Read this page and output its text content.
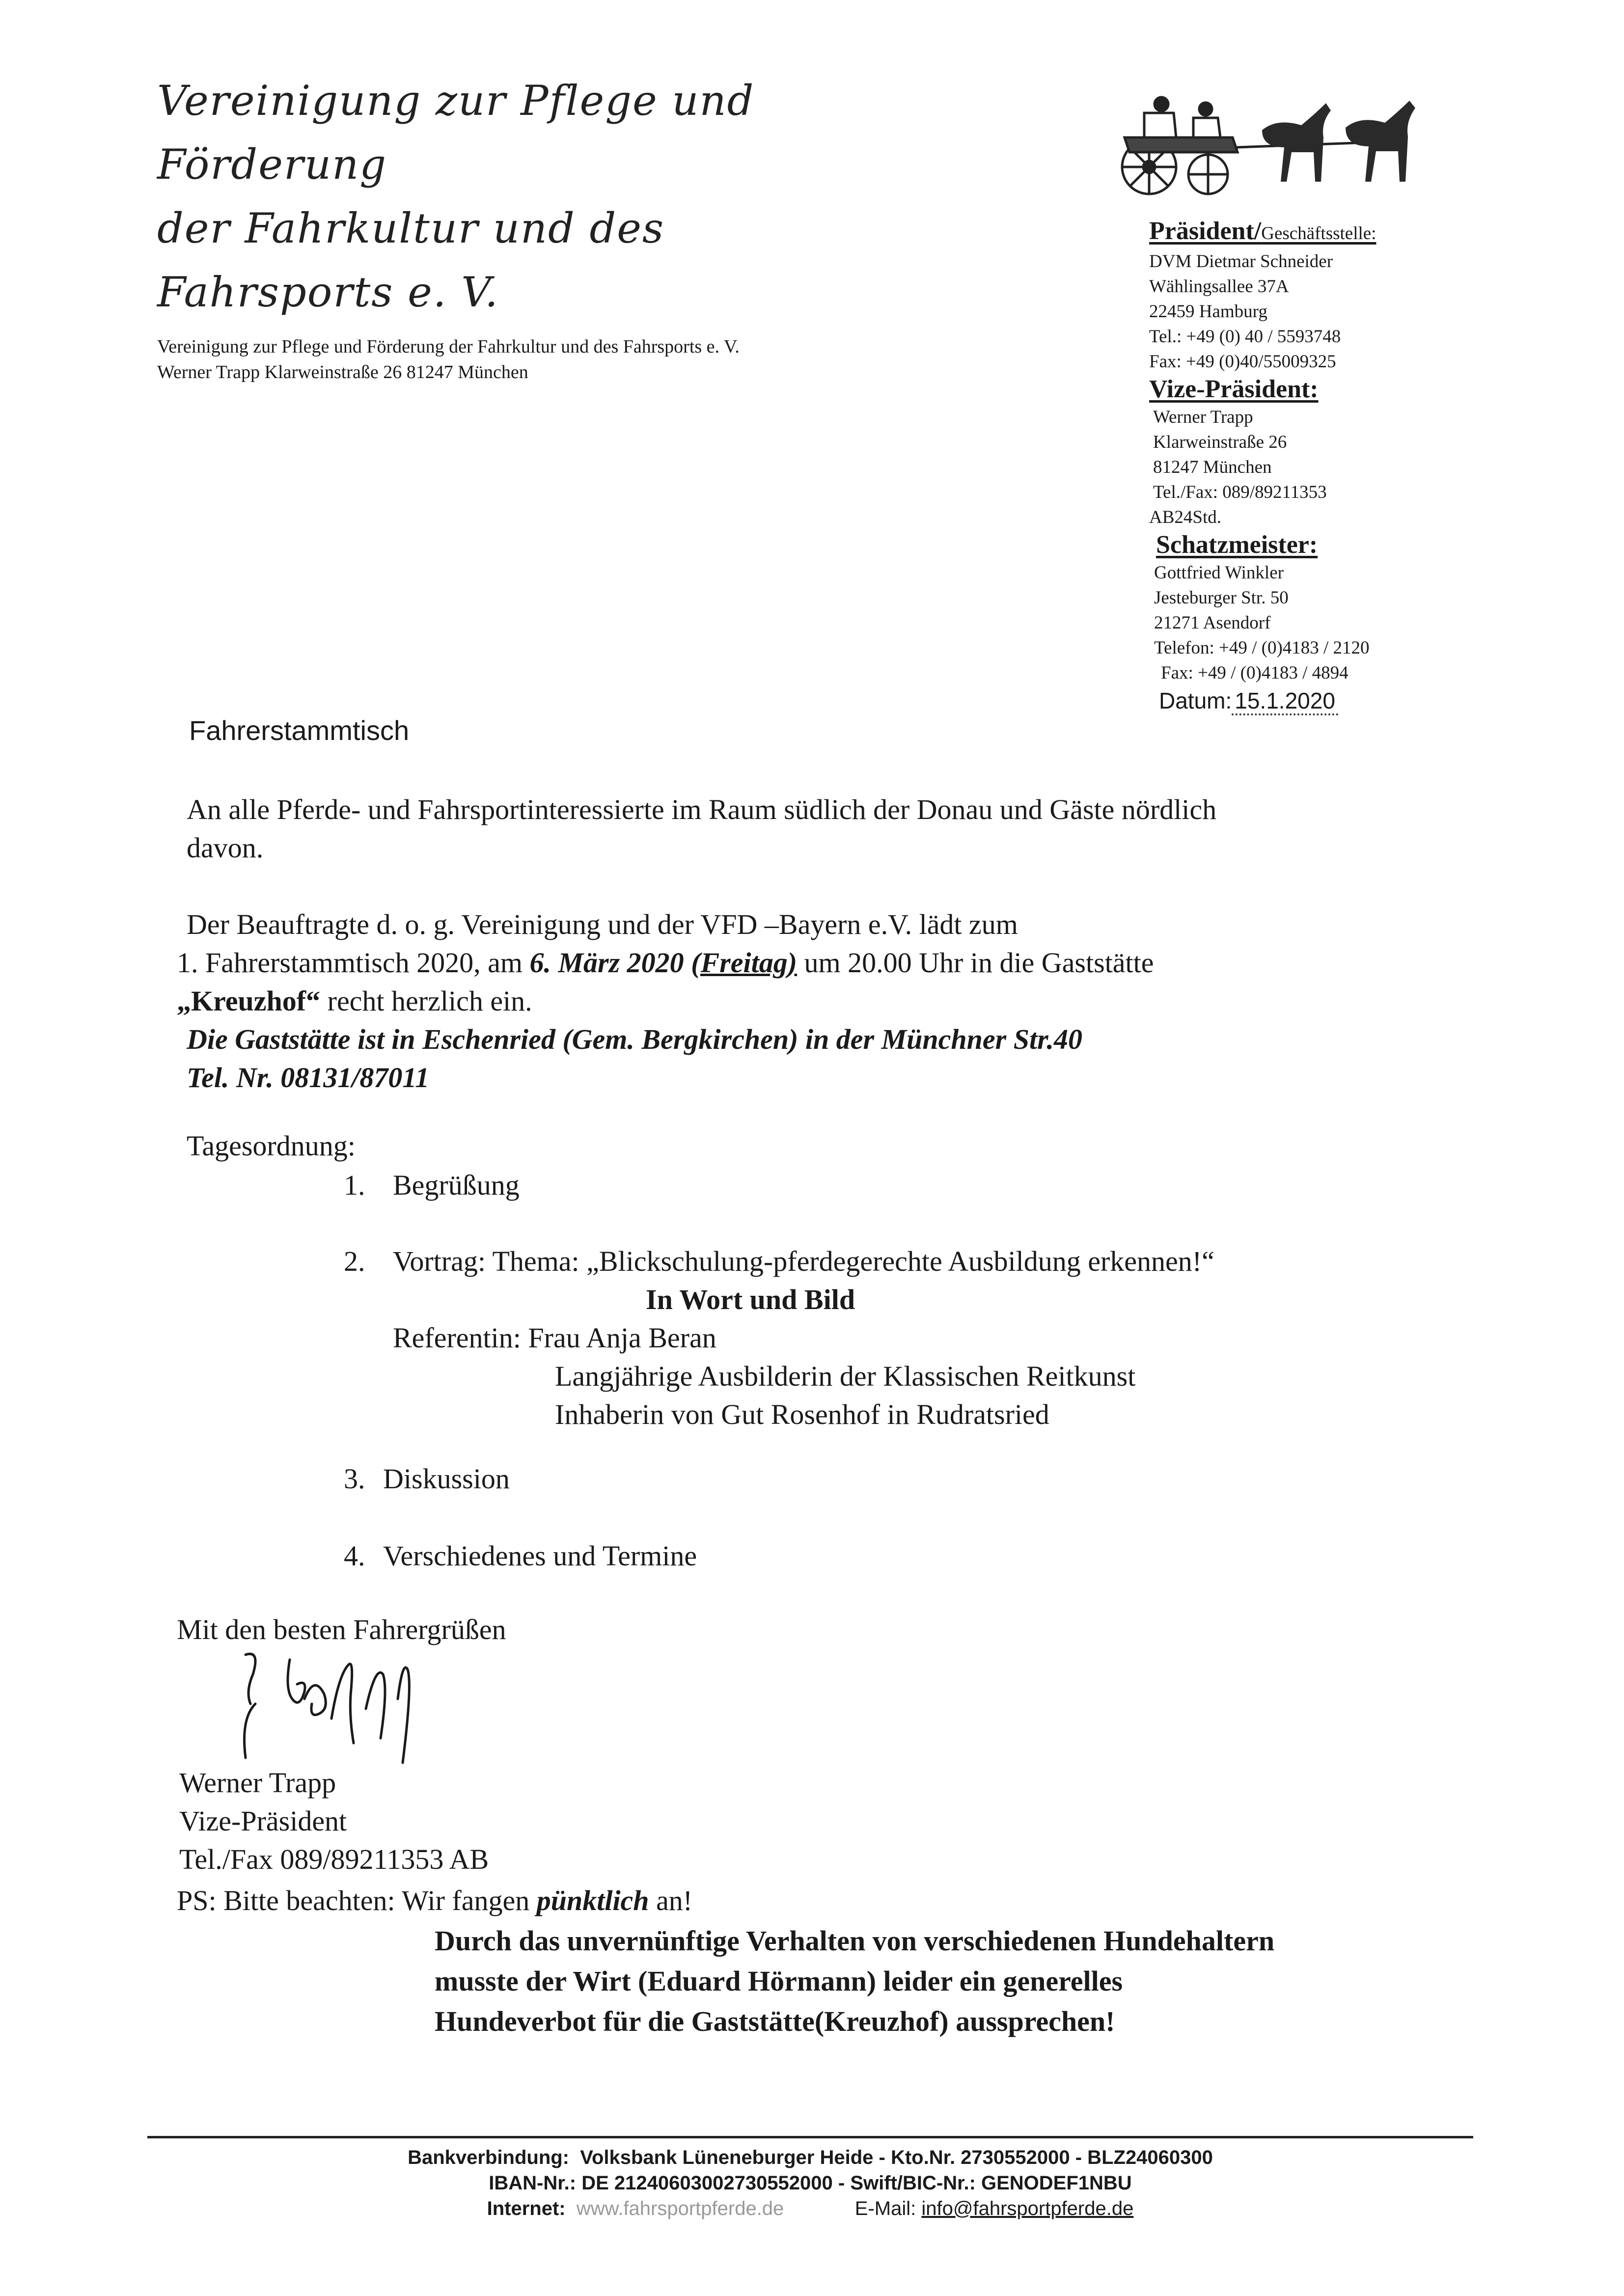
Vereinigung zur Pflege und Förderung
der Fahrkultur und des Fahrsports e. V.
Vereinigung zur Pflege und Förderung der Fahrkultur und des Fahrsports e. V.
Werner Trapp Klarweinstraße 26 81247 München
Präsident/Geschäftsstelle:
DVM Dietmar Schneider
Wählingsallee 37A
22459 Hamburg
Tel.: +49 (0) 40 / 5593748
Fax: +49 (0)40/55009325
Vize-Präsident:
Werner Trapp
Klarweinstraße 26
81247 München
Tel./Fax: 089/89211353
AB24Std.
Schatzmeister:
Gottfried Winkler
Jesteburger Str. 50
21271 Asendorf
Telefon: +49 / (0)4183 / 2120
Fax: +49 / (0)4183 / 4894
Datum: 15.1.2020
Fahrerstammtisch

An alle Pferde- und Fahrsportinteressierte im Raum südlich der Donau und Gäste nördlich

davon.

Der Beauftragte d. o. g. Vereinigung und der VFD –Bayern e.V. lädt zum

1. Fahrerstammtisch 2020, am 6. März 2020 (Freitag) um 20.00 Uhr in die Gaststätte

„Kreuzhof“ recht herzlich ein.

Die Gaststätte ist in Eschenried (Gem. Bergkirchen) in der Münchner Str.40

Tel. Nr. 08131/87011

Tagesordnung:
1. Begrüßung
2. Vortrag: Thema: „Blickschulung-pferdegerechte Ausbildung erkennen!“
In Wort und Bild
Referentin: Frau Anja Beran
Langjährige Ausbilderin der Klassischen Reitkunst
Inhaberin von Gut Rosenhof in Rudratsried
3. Diskussion
4. Verschiedenes und Termine
Mit den besten Fahrergrüßen
Werner Trapp
Vize-Präsident
Tel./Fax 089/89211353 AB
PS: Bitte beachten: Wir fangen pünktlich an!
Durch das unvernünftige Verhalten von verschiedenen Hundehaltern
musste der Wirt (Eduard Hörmann) leider ein generelles
Hundeverbot für die Gaststätte(Kreuzhof) aussprechen!
Bankverbindung: Volksbank Lüneneburger Heide - Kto.Nr. 2730552000 - BLZ24060300
IBAN-Nr.: DE 21240603002730552000 - Swift/BIC-Nr.: GENODEF1NBU
Internet: www.fahrsportpferde.de	E-Mail: info@fahrsportpferde.de
